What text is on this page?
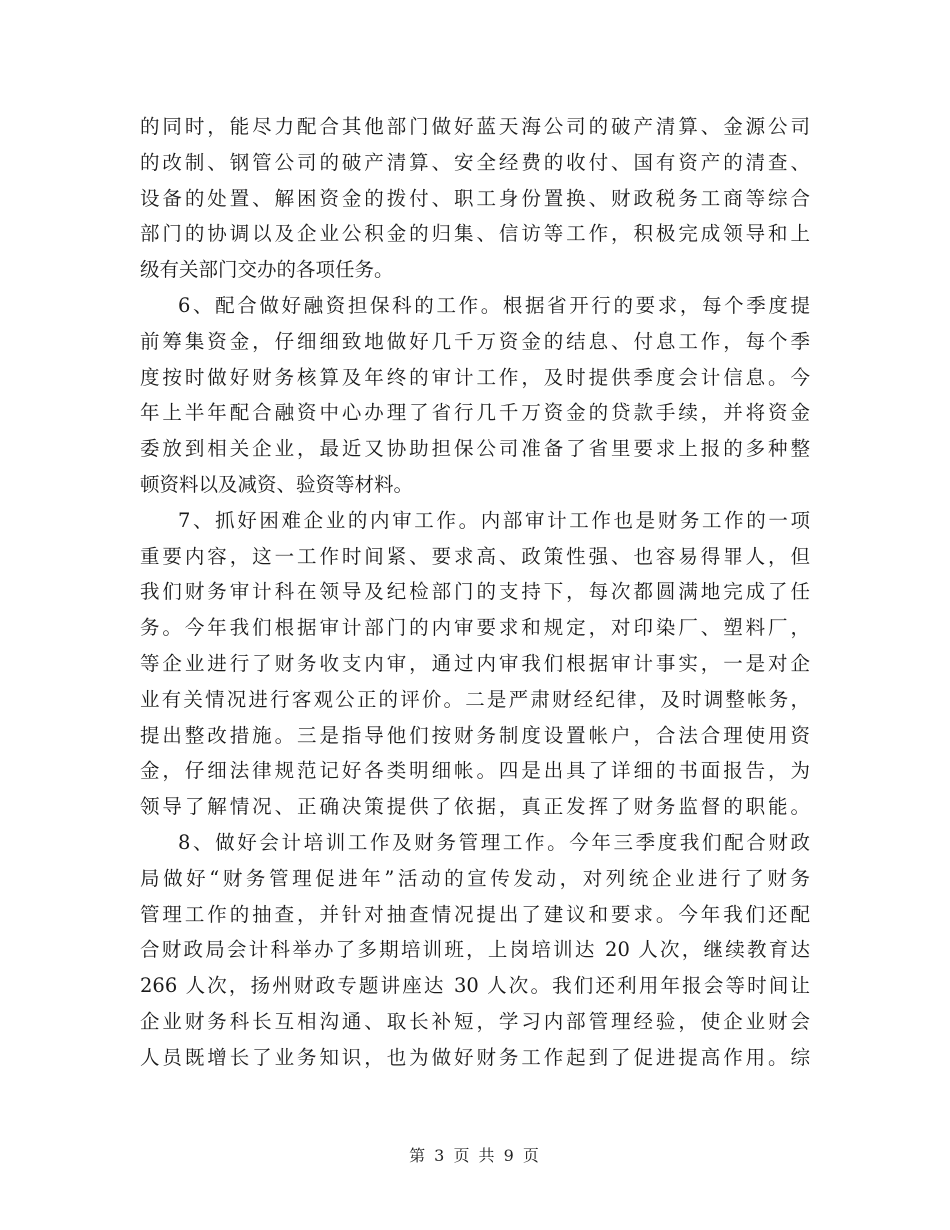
的同时，能尽力配合其他部门做好蓝天海公司的破产清算、金源公司
的改制、钢管公司的破产清算、安全经费的收付、国有资产的清查、
设备的处置、解困资金的拨付、职工身份置换、财政税务工商等综合
部门的协调以及企业公积金的归集、信访等工作，积极完成领导和上
级有关部门交办的各项任务。
6、配合做好融资担保科的工作。根据省开行的要求，每个季度提
前筹集资金，仔细细致地做好几千万资金的结息、付息工作，每个季
度按时做好财务核算及年终的审计工作，及时提供季度会计信息。今
年上半年配合融资中心办理了省行几千万资金的贷款手续，并将资金
委放到相关企业，最近又协助担保公司准备了省里要求上报的多种整
顿资料以及减资、验资等材料。
7、抓好困难企业的内审工作。内部审计工作也是财务工作的一项
重要内容，这一工作时间紧、要求高、政策性强、也容易得罪人，但
我们财务审计科在领导及纪检部门的支持下，每次都圆满地完成了任
务。今年我们根据审计部门的内审要求和规定，对印染厂、塑料厂，
等企业进行了财务收支内审，通过内审我们根据审计事实，一是对企
业有关情况进行客观公正的评价。二是严肃财经纪律，及时调整帐务，
提出整改措施。三是指导他们按财务制度设置帐户，合法合理使用资
金，仔细法律规范记好各类明细帐。四是出具了详细的书面报告，为
领导了解情况、正确决策提供了依据，真正发挥了财务监督的职能。
8、做好会计培训工作及财务管理工作。今年三季度我们配合财政
局做好“财务管理促进年”活动的宣传发动，对列统企业进行了财务
管理工作的抽查，并针对抽查情况提出了建议和要求。今年我们还配
合财政局会计科举办了多期培训班，上岗培训达 20 人次，继续教育达
266 人次，扬州财政专题讲座达 30 人次。我们还利用年报会等时间让
企业财务科长互相沟通、取长补短，学习内部管理经验，使企业财会
人员既增长了业务知识，也为做好财务工作起到了促进提高作用。综
第 3 页 共 9 页
